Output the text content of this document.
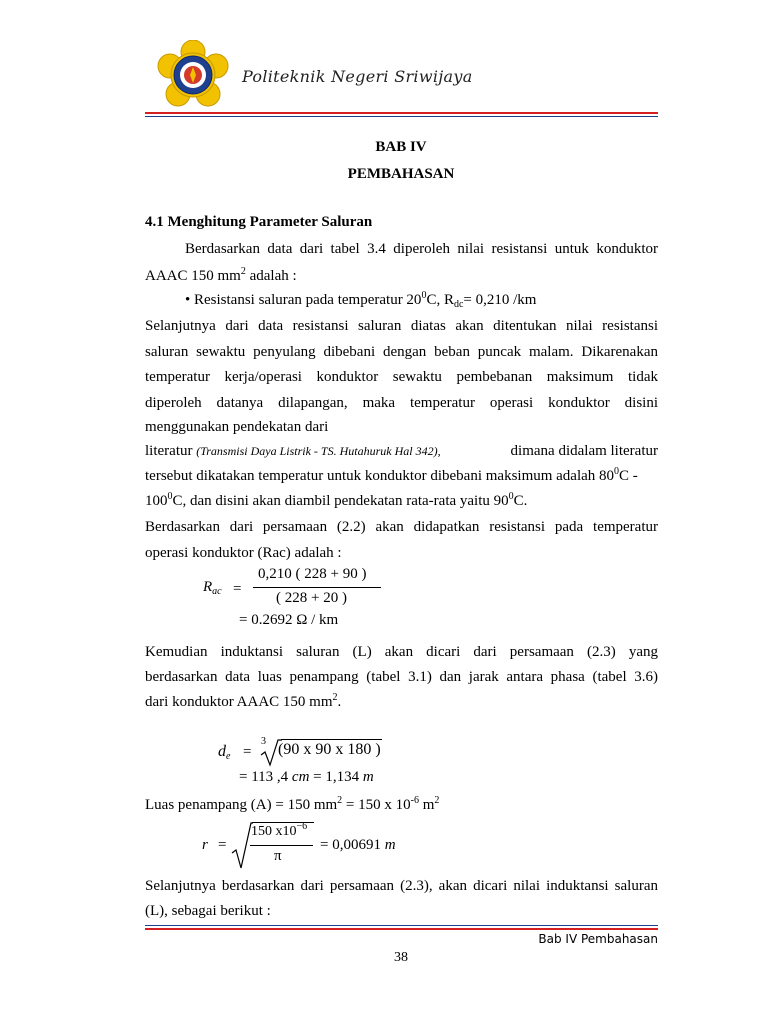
Politeknik Negeri Sriwijaya
BAB IV
PEMBAHASAN
4.1 Menghitung Parameter Saluran
Berdasarkan data dari tabel 3.4 diperoleh nilai resistansi untuk konduktor
AAAC 150 $mm^2$ adalah :
• Resistansi saluran pada temperatur $20^0C$, $R_{dc}= 0,210$ /km
Selanjutnya dari data resistansi saluran diatas akan ditentukan nilai resistansi
saluran sewaktu penyulang dibebani dengan beban puncak malam. Dikarenakan
temperatur kerja/operasi konduktor sewaktu pembebanan maksimum tidak
diperoleh datanya dilapangan, maka temperatur operasi konduktor disini
menggunakan pendekatan dari
literatur (Transmisi Daya Listrik - TS. Hutahuruk Hal 342),	dimana didalam literatur
tersebut dikatakan temperatur untuk konduktor dibebani maksimum adalah $80^0C$ -
$100^0C$, dan disini akan diambil pendekatan rata-rata yaitu $90^0C$.
Berdasarkan dari persamaan (2.2) akan didapatkan resistansi pada temperatur
operasi konduktor (Rac) adalah :
$R_{ac}$ =
0,210 ( 228 + 90 )
( 228 + 20 )
= 0.2692 Ω / km
Kemudian induktansi saluran (L) akan dicari dari persamaan (2.3) yang
berdasarkan data luas penampang (tabel 3.1) dan jarak antara phasa (tabel 3.6)
dari konduktor AAAC 150 $mm^2$.
$d_e$ =
3 (90 x 90 x 180 )
= 113 ,4 cm = 1,134 m
Luas penampang (A) = 150 $mm^2 = 150$ x $10^{-6}$ $m^2$
r =
150 $x10^{-6}$
π
= 0,00691 m
Selanjutnya berdasarkan dari persamaan (2.3), akan dicari nilai induktansi saluran
(L), sebagai berikut :
Bab IV Pembahasan
38
